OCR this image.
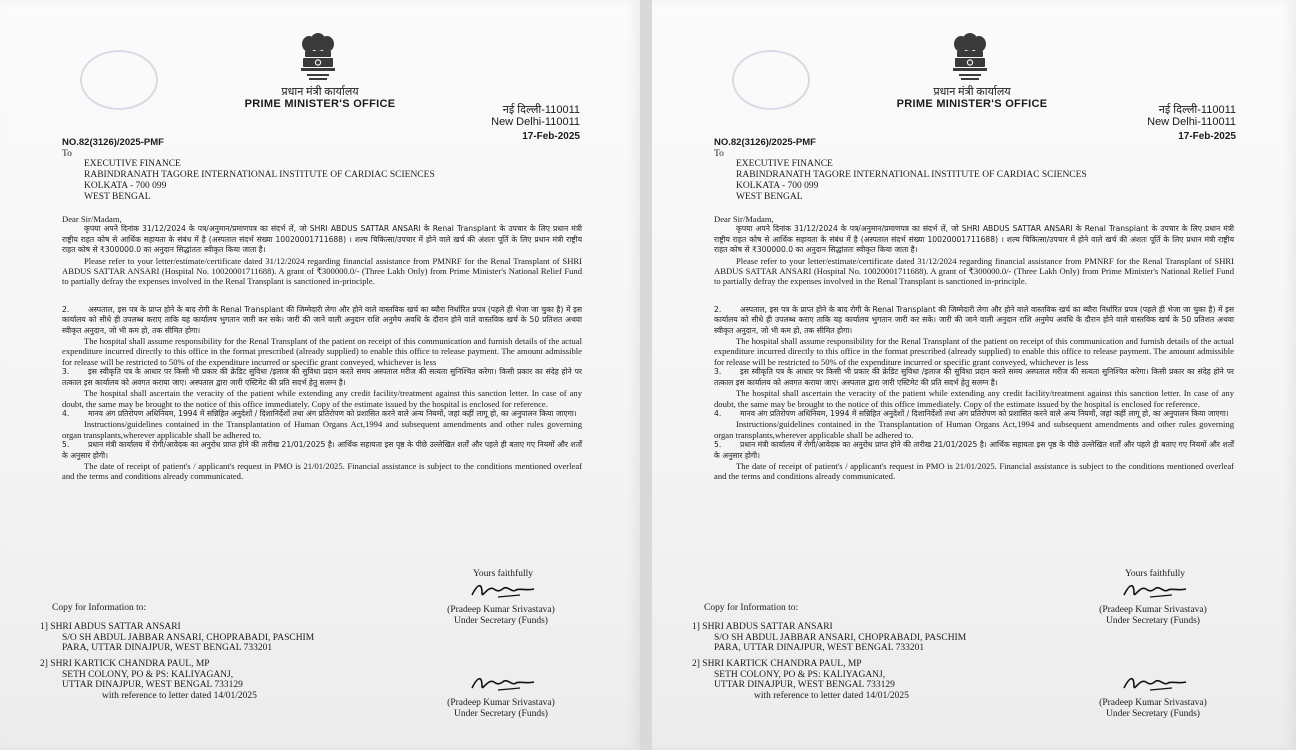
प्रधान मंत्री कार्यालय
PRIME MINISTER'S OFFICE	नई दिल्ली-110011
New Delhi-110011
NO.82(3126)/2025-PMF
17-Feb-2025
To
EXECUTIVE FINANCE
RABINDRANATH TAGORE INTERNATIONAL INSTITUTE OF CARDIAC SCIENCES
KOLKATA - 700 099
WEST BENGAL

Dear Sir/Madam,

कृपया अपने दिनांक 31/12/2024 के पत्र/अनुमान/प्रमाणपत्र का संदर्भ लें, जो SHRI ABDUS SATTAR ANSARI के Renal Transplant के उपचार के लिए प्रधान मंत्री राष्ट्रीय राहत कोष से आर्थिक सहायता के संबंध में है (अस्पताल संदर्भ संख्या 10020001711688) । शल्य चिकित्सा/उपचार में होने वाले खर्च की अंशतः पूर्ति के लिए प्रधान मंत्री राष्ट्रीय राहत कोष से ₹300000.0 का अनुदान सिद्धांततः स्वीकृत किया जाता है।

Please refer to your letter/estimate/certificate dated 31/12/2024 regarding financial assistance from PMNRF for the Renal Transplant of SHRI ABDUS SATTAR ANSARI (Hospital No. 10020001711688). A grant of ₹300000.0/- (Three Lakh Only) from Prime Minister's National Relief Fund to partially defray the expenses involved in the Renal Transplant is sanctioned in-principle.

2. अस्पताल, इस पत्र के प्राप्त होने के बाद रोगी के Renal Transplant की जिम्मेदारी लेगा और होने वाले वास्तविक खर्च का ब्यौरा निर्धारित प्रपत्र (पहले ही भेजा जा चुका है) में इस कार्यालय को सीधे ही उपलब्ध कराए ताकि यह कार्यालय भुगतान जारी कर सके। जारी की जाने वाली अनुदान राशि अनुमेय अवधि के दौरान होने वाले वास्तविक खर्च के 50 प्रतिशत अथवा स्वीकृत अनुदान, जो भी कम हो, तक सीमित होगा।

The hospital shall assume responsibility for the Renal Transplant of the patient on receipt of this communication and furnish details of the actual expenditure incurred directly to this office in the format prescribed (already supplied) to enable this office to release payment. The amount admissible for release will be restricted to 50% of the expenditure incurred or specific grant conveyed, whichever is less

3. इस स्वीकृति पत्र के आधार पर किसी भी प्रकार की क्रेडिट सुविधा /इलाज की सुविधा प्रदान करते समय अस्पताल मरीज की सत्यता सुनिश्चित करेगा। किसी प्रकार का संदेह होने पर तत्काल इस कार्यालय को अवगत कराया जाए। अस्पताल द्वारा जारी एस्टिमेट की प्रति सदर्भ हेतु सलग्न है।

The hospital shall ascertain the veracity of the patient while extending any credit facility/treatment against this sanction letter. In case of any doubt, the same may be brought to the notice of this office immediately. Copy of the estimate issued by the hospital is enclosed for reference.

4. मानव अंग प्रतिरोपण अधिनियम, 1994 में सन्निहित अनुदेशों / दिशानिर्देशों तथा अंग प्रतिरोपण को प्रशासित करने वाले अन्य नियमों, जहां कहीं लागू हो, का अनुपालन किया जाएगा।

Instructions/guidelines contained in the Transplantation of Human Organs Act,1994 and subsequent amendments and other rules governing organ transplants,wherever applicable shall be adhered to.

5. प्रधान मंत्री कार्यालय में रोगी/आवेदक का अनुरोध प्राप्त होने की तारीख 21/01/2025 है। आर्थिक सहायता इस पृष्ठ के पीछे उल्लेखित शर्तों और पहले ही बताए गए नियमों और शर्तों के अनुसार होगी।

The date of receipt of patient's / applicant's request in PMO is 21/01/2025. Financial assistance is subject to the conditions mentioned overleaf and the terms and conditions already communicated.

Yours faithfully
(Pradeep Kumar Srivastava)
Under Secretary (Funds)
Copy for Information to:
1] SHRI ABDUS SATTAR ANSARI
S/O SH ABDUL JABBAR ANSARI, CHOPRABADI, PASCHIM
PARA, UTTAR DINAJPUR, WEST BENGAL 733201
2] SHRI KARTICK CHANDRA PAUL, MP
SETH COLONY, PO & PS: KALIYAGANJ,
UTTAR DINAJPUR, WEST BENGAL 733129
with reference to letter dated 14/01/2025
(Pradeep Kumar Srivastava)
Under Secretary (Funds)
प्रधान मंत्री कार्यालय
PRIME MINISTER'S OFFICE	नई दिल्ली-110011
New Delhi-110011
NO.82(3126)/2025-PMF
17-Feb-2025
To
EXECUTIVE FINANCE
RABINDRANATH TAGORE INTERNATIONAL INSTITUTE OF CARDIAC SCIENCES
KOLKATA - 700 099
WEST BENGAL

Dear Sir/Madam,

कृपया अपने दिनांक 31/12/2024 के पत्र/अनुमान/प्रमाणपत्र का संदर्भ लें, जो SHRI ABDUS SATTAR ANSARI के Renal Transplant के उपचार के लिए प्रधान मंत्री राष्ट्रीय राहत कोष से आर्थिक सहायता के संबंध में है (अस्पताल संदर्भ संख्या 10020001711688) । शल्य चिकित्सा/उपचार में होने वाले खर्च की अंशतः पूर्ति के लिए प्रधान मंत्री राष्ट्रीय राहत कोष से ₹300000.0 का अनुदान सिद्धांततः स्वीकृत किया जाता है।

Please refer to your letter/estimate/certificate dated 31/12/2024 regarding financial assistance from PMNRF for the Renal Transplant of SHRI ABDUS SATTAR ANSARI (Hospital No. 10020001711688). A grant of ₹300000.0/- (Three Lakh Only) from Prime Minister's National Relief Fund to partially defray the expenses involved in the Renal Transplant is sanctioned in-principle.

2. अस्पताल, इस पत्र के प्राप्त होने के बाद रोगी के Renal Transplant की जिम्मेदारी लेगा और होने वाले वास्तविक खर्च का ब्यौरा निर्धारित प्रपत्र (पहले ही भेजा जा चुका है) में इस कार्यालय को सीधे ही उपलब्ध कराए ताकि यह कार्यालय भुगतान जारी कर सके। जारी की जाने वाली अनुदान राशि अनुमेय अवधि के दौरान होने वाले वास्तविक खर्च के 50 प्रतिशत अथवा स्वीकृत अनुदान, जो भी कम हो, तक सीमित होगा।

The hospital shall assume responsibility for the Renal Transplant of the patient on receipt of this communication and furnish details of the actual expenditure incurred directly to this office in the format prescribed (already supplied) to enable this office to release payment. The amount admissible for release will be restricted to 50% of the expenditure incurred or specific grant conveyed, whichever is less

3. इस स्वीकृति पत्र के आधार पर किसी भी प्रकार की क्रेडिट सुविधा /इलाज की सुविधा प्रदान करते समय अस्पताल मरीज की सत्यता सुनिश्चित करेगा। किसी प्रकार का संदेह होने पर तत्काल इस कार्यालय को अवगत कराया जाए। अस्पताल द्वारा जारी एस्टिमेट की प्रति सदर्भ हेतु सलग्न है।

The hospital shall ascertain the veracity of the patient while extending any credit facility/treatment against this sanction letter. In case of any doubt, the same may be brought to the notice of this office immediately. Copy of the estimate issued by the hospital is enclosed for reference.

4. मानव अंग प्रतिरोपण अधिनियम, 1994 में सन्निहित अनुदेशों / दिशानिर्देशों तथा अंग प्रतिरोपण को प्रशासित करने वाले अन्य नियमों, जहां कहीं लागू हो, का अनुपालन किया जाएगा।

Instructions/guidelines contained in the Transplantation of Human Organs Act,1994 and subsequent amendments and other rules governing organ transplants,wherever applicable shall be adhered to.

5. प्रधान मंत्री कार्यालय में रोगी/आवेदक का अनुरोध प्राप्त होने की तारीख 21/01/2025 है। आर्थिक सहायता इस पृष्ठ के पीछे उल्लेखित शर्तों और पहले ही बताए गए नियमों और शर्तों के अनुसार होगी।

The date of receipt of patient's / applicant's request in PMO is 21/01/2025. Financial assistance is subject to the conditions mentioned overleaf and the terms and conditions already communicated.

Yours faithfully
(Pradeep Kumar Srivastava)
Under Secretary (Funds)
Copy for Information to:
1] SHRI ABDUS SATTAR ANSARI
S/O SH ABDUL JABBAR ANSARI, CHOPRABADI, PASCHIM
PARA, UTTAR DINAJPUR, WEST BENGAL 733201
2] SHRI KARTICK CHANDRA PAUL, MP
SETH COLONY, PO & PS: KALIYAGANJ,
UTTAR DINAJPUR, WEST BENGAL 733129
with reference to letter dated 14/01/2025
(Pradeep Kumar Srivastava)
Under Secretary (Funds)
